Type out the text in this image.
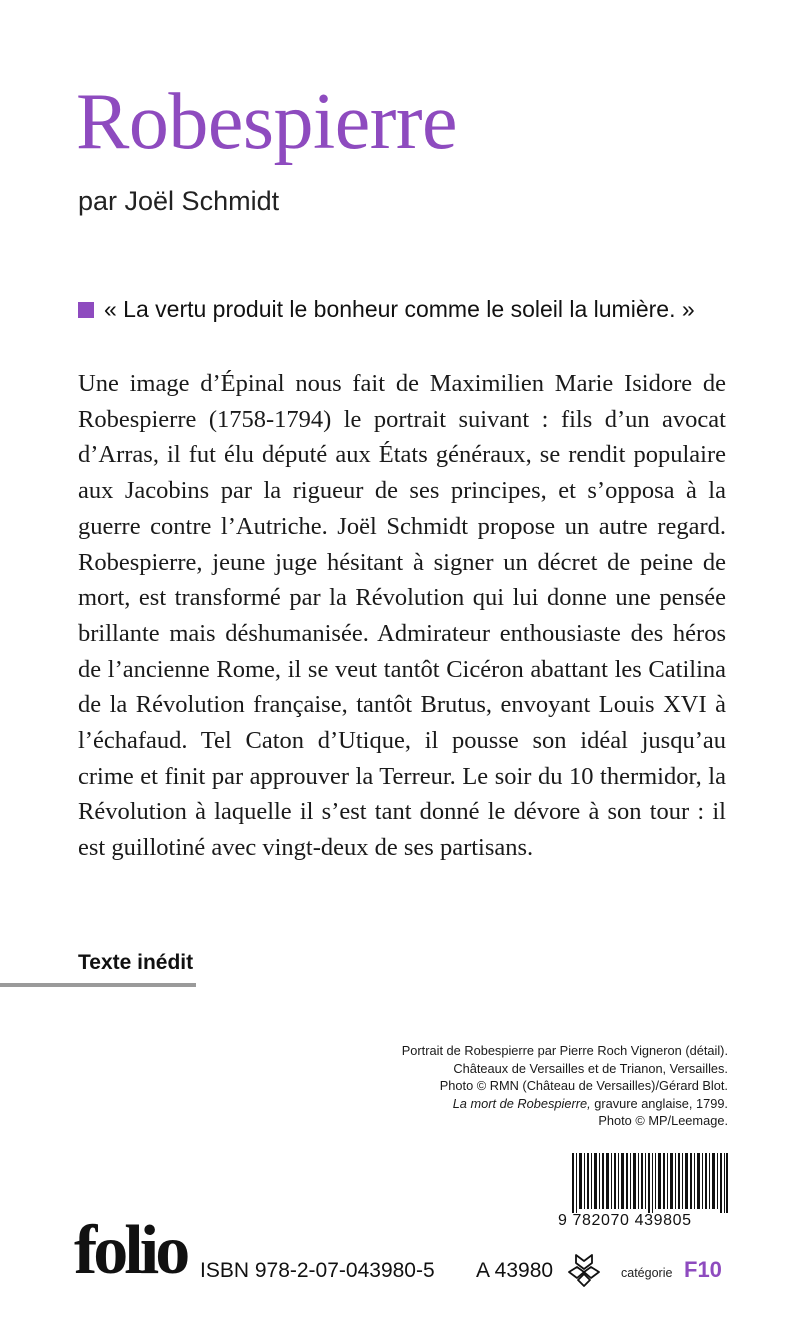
Robespierre
par Joël Schmidt
« La vertu produit le bonheur comme le soleil la lumière. »

Une image d’Épinal nous fait de Maximilien Marie Isidore de Robespierre (1758-1794) le portrait suivant : fils d’un avocat d’Arras, il fut élu député aux États généraux, se rendit populaire aux Jacobins par la rigueur de ses principes, et s’opposa à la guerre contre l’Autriche. Joël Schmidt propose un autre regard. Robespierre, jeune juge hésitant à signer un décret de peine de mort, est transformé par la Révolution qui lui donne une pensée brillante mais déshumanisée. Admirateur enthousiaste des héros de l’ancienne Rome, il se veut tantôt Cicéron abattant les Catilina de la Révolution française, tantôt Brutus, envoyant Louis XVI à l’échafaud. Tel Caton d’Utique, il pousse son idéal jusqu’au crime et finit par approuver la Terreur. Le soir du 10 thermidor, la Révolution à laquelle il s’est tant donné le dévore à son tour : il est guillotiné avec vingt-deux de ses partisans.

Texte inédit
Portrait de Robespierre par Pierre Roch Vigneron (détail).
Châteaux de Versailles et de Trianon, Versailles.
Photo © RMN (Château de Versailles)/Gérard Blot.
La mort de Robespierre, gravure anglaise, 1799.
Photo © MP/Leemage.
9 782070 439805
folio ISBN 978-2-07-043980-5 A 43980	catégorie F10
